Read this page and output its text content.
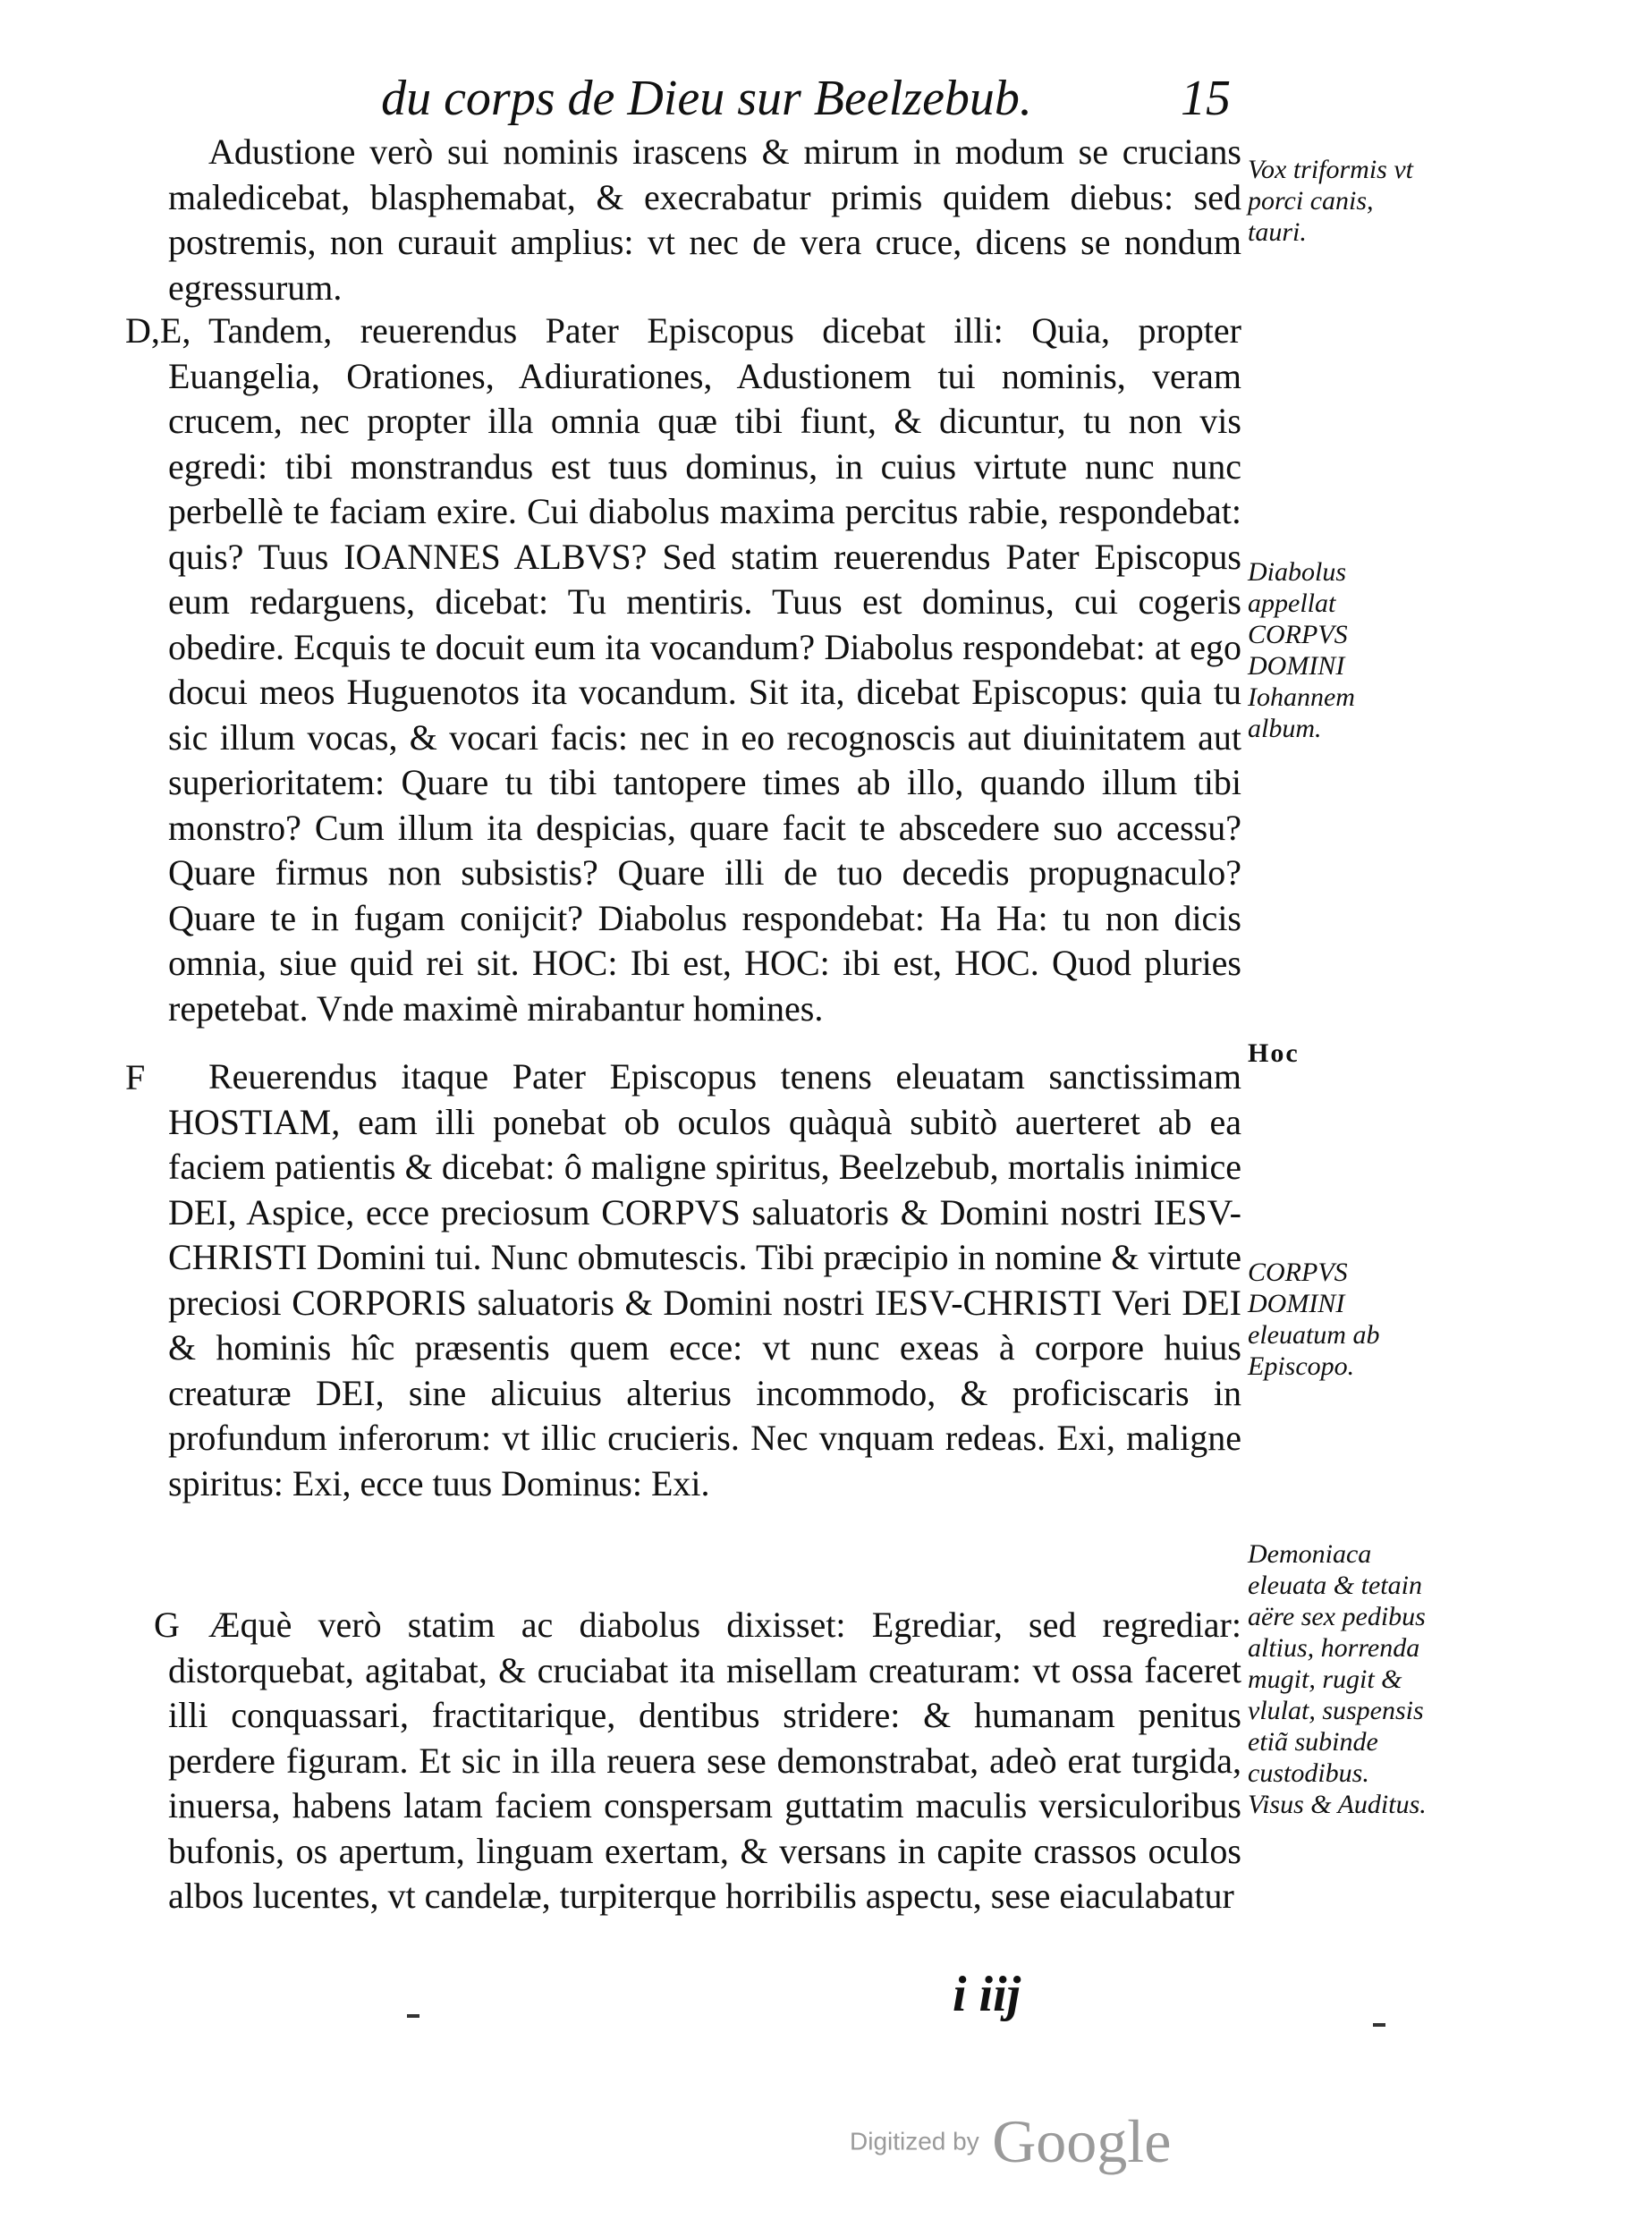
du corps de Dieu sur Beelzebub.	15
D,E,
F
G

Adustione verò sui nominis irascens & mirum in modum se crucians maledicebat, blasphemabat, & execrabatur primis quidem diebus: sed postremis, non curauit amplius: vt nec de vera cruce, dicens se nondum egressurum.

Tandem, reuerendus Pater Episcopus dicebat illi: Quia, propter Euangelia, Orationes, Adiurationes, Adustionem tui nominis, veram crucem, nec propter illa omnia quæ tibi fiunt, & dicuntur, tu non vis egredi: tibi monstrandus est tuus dominus, in cuius virtute nunc nunc perbellè te faciam exire. Cui diabolus maxima percitus rabie, respondebat: quis? Tuus IOANNES ALBVS? Sed statim reuerendus Pater Episcopus eum redarguens, dicebat: Tu mentiris. Tuus est dominus, cui cogeris obedire. Ecquis te docuit eum ita vocandum? Diabolus respondebat: at ego docui meos Huguenotos ita vocandum. Sit ita, dicebat Episcopus: quia tu sic illum vocas, & vocari facis: nec in eo recognoscis aut diuinitatem aut superioritatem: Quare tu tibi tantopere times ab illo, quando illum tibi monstro? Cum illum ita despicias, quare facit te abscedere suo accessu? Quare firmus non subsistis? Quare illi de tuo decedis propugnaculo? Quare te in fugam conijcit? Diabolus respondebat: Ha Ha: tu non dicis omnia, siue quid rei sit. HOC: Ibi est, HOC: ibi est, HOC. Quod pluries repetebat. Vnde maximè mirabantur homines.

Reuerendus itaque Pater Episcopus tenens eleuatam sanctissimam HOSTIAM, eam illi ponebat ob oculos quàquà subitò auerteret ab ea faciem patientis & dicebat: ô maligne spiritus, Beelzebub, mortalis inimice DEI, Aspice, ecce preciosum CORPVS saluatoris & Domini nostri IESV-CHRISTI Domini tui. Nunc obmutescis. Tibi præcipio in nomine & virtute preciosi CORPORIS saluatoris & Domini nostri IESV-CHRISTI Veri DEI & hominis hîc præsentis quem ecce: vt nunc exeas à corpore huius creaturæ DEI, sine alicuius alterius incommodo, & proficiscaris in profundum inferorum: vt illic crucieris. Nec vnquam redeas. Exi, maligne spiritus: Exi, ecce tuus Dominus: Exi.

Æquè verò statim ac diabolus dixisset: Egrediar, sed regrediar: distorquebat, agitabat, & cruciabat ita misellam creaturam: vt ossa faceret illi conquassari, fractitarique, dentibus stridere: & humanam penitus perdere figuram. Et sic in illa reuera sese demonstrabat, adeò erat turgida, inuersa, habens latam faciem conspersam guttatim maculis versiculoribus bufonis, os apertum, linguam exertam, & versans in capite crassos oculos albos lucentes, vt candelæ, turpiterque horribilis aspectu, sese eiaculabatur

Vox triformis vt porci canis, tauri.
Diabolus appellat CORPVS DOMINI Iohannem album.
Hoc
CORPVS DOMINI eleuatum ab Episcopo.
Demoniaca eleuata & tetain aëre sex pedibus altius, horrenda mugit, rugit & vlulat, suspensis etiã subinde custodibus. Visus & Auditus.
i iij
Digitized by Google
